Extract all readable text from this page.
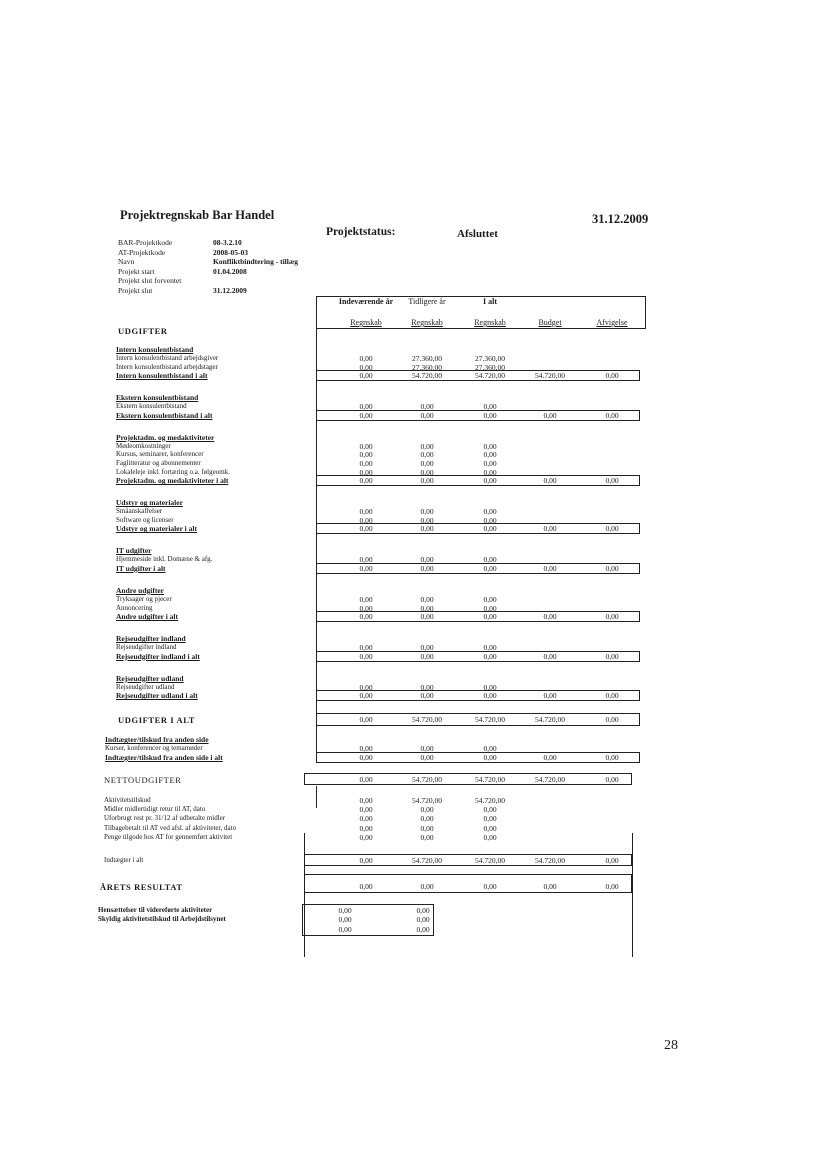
Projektregnskab Bar Handel	31.12.2009
Projektstatus:	Afsluttet
BAR-Projektkode	08-3.2.10
AT-Projektkode	2008-05-03
Navn	Konfliktbindtering - tillæg
Projekt start	01.04.2008
Projekt slut forventet
Projekt slut	31.12.2009
Indeværende år	Tidligere år	I alt
Regnskab	Regnskab	Regnskab	Budget	Afvigelse
UDGIFTER
Intern konsulentbistand
Intern konsulentbistand arbejdsgiver	0,00	27.360,00	27.360,00
Intern konsulentbistand arbejdstager	0,00	27.360,00	27.360,00
Intern konsulentbistand i alt	0,00	54.720,00	54.720,00	54.720,00	0,00
Ekstern konsulentbistand
Ekstern konsulentbistand	0,00	0,00	0,00
Ekstern konsulentbistand i alt	0,00	0,00	0,00	0,00	0,00
Projektadm. og medaktiviteter
Mødeomkostninger	0,00	0,00	0,00
Kursus, seminarer, konferencer	0,00	0,00	0,00
Faglitteratur og abonnementer	0,00	0,00	0,00
Lokaleleje inkl. fortæring o.a. følgeomk.	0,00	0,00	0,00
Projektadm. og medaktiviteter i alt	0,00	0,00	0,00	0,00	0,00
Udstyr og materialer
Småanskaffelser	0,00	0,00	0,00
Software og licenser	0,00	0,00	0,00
Udstyr og materialer i alt	0,00	0,00	0,00	0,00	0,00
IT udgifter
Hjemmeside inkl. Domæne & afg.	0,00	0,00	0,00
IT udgifter i alt	0,00	0,00	0,00	0,00	0,00
Andre udgifter
Tryksager og pjecer	0,00	0,00	0,00
Annoncering	0,00	0,00	0,00
Andre udgifter i alt	0,00	0,00	0,00	0,00	0,00
Rejseudgifter indland
Rejseudgifter indland	0,00	0,00	0,00
Rejseudgifter indland i alt	0,00	0,00	0,00	0,00	0,00
Rejseudgifter udland
Rejseudgifter udland	0,00	0,00	0,00
Rejseudgifter udland i alt	0,00	0,00	0,00	0,00	0,00
UDGIFTER I ALT	0,00	54.720,00	54.720,00	54.720,00	0,00
Indtægter/tilskud fra anden side
Kurser, konferencer og temamøder	0,00	0,00	0,00
Indtægter/tilskud fra anden side i alt	0,00	0,00	0,00	0,00	0,00
NETTOUDGIFTER	0,00	54.720,00	54.720,00	54.720,00	0,00
Aktivitetstilskud	0,00	54.720,00	54.720,00
Midler midlertidigt retur til AT, dato	0,00	0,00	0,00
Uforbrugt rest pr. 31/12 af udbetalte midler	0,00	0,00	0,00
Tilbagebetalt til AT ved afsl. af aktiviteter, dato	0,00	0,00	0,00
Penge tilgode hos AT for gennemført aktivitet	0,00	0,00	0,00
Indtægter i alt	0,00	54.720,00	54.720,00	54.720,00	0,00
ÅRETS RESULTAT	0,00	0,00	0,00	0,00	0,00
Hensættelser til videreførte aktiviteter	0,00	0,00
Skyldig aktivitetstilskud til Arbejdstilsynet	0,00	0,00
0,00	0,00
28
